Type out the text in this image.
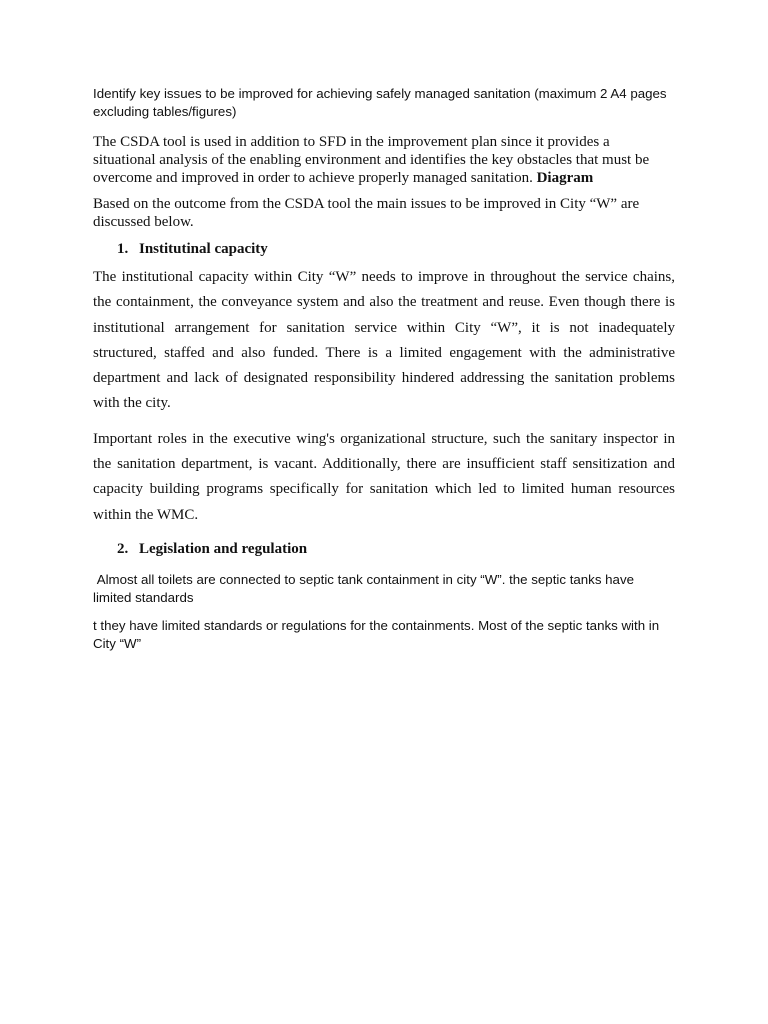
Identify key issues to be improved for achieving safely managed sanitation (maximum 2 A4 pages excluding tables/figures)

The CSDA tool is used in addition to SFD in the improvement plan since it provides a situational analysis of the enabling environment and identifies the key obstacles that must be overcome and improved in order to achieve properly managed sanitation. Diagram

Based on the outcome from the CSDA tool the main issues to be improved in City “W” are discussed below.

1. Institutinal capacity

The institutional capacity within City “W” needs to improve in throughout the service chains, the containment, the conveyance system and also the treatment and reuse. Even though there is institutional arrangement for sanitation service within City “W”, it is not inadequately structured, staffed and also funded. There is a limited engagement with the administrative department and lack of designated responsibility hindered addressing the sanitation problems with the city.

Important roles in the executive wing's organizational structure, such the sanitary inspector in the sanitation department, is vacant. Additionally, there are insufficient staff sensitization and capacity building programs specifically for sanitation which led to limited human resources within the WMC.

2. Legislation and regulation

Almost all toilets are connected to septic tank containment in city “W”. the septic tanks have limited standards

t they have limited standards or regulations for the containments. Most of the septic tanks with in City “W”
